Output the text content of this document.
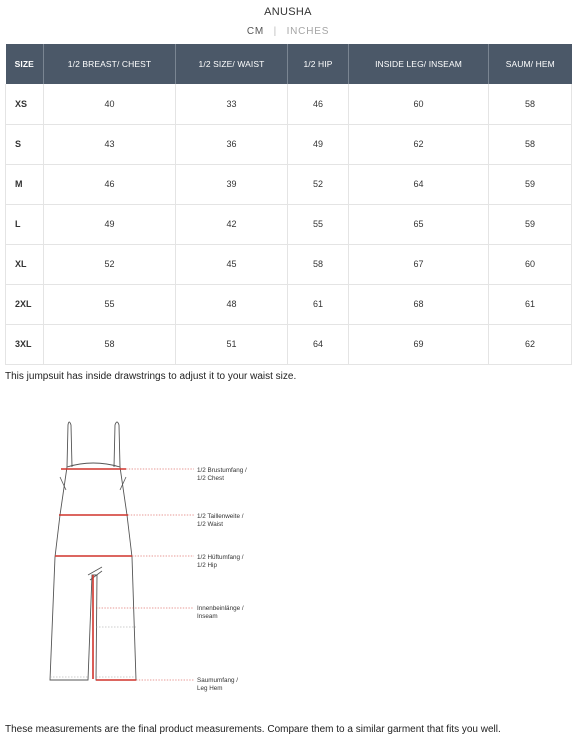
ANUSHA
CM | INCHES
SIZE	1/2 BREAST/ CHEST	1/2 SIZE/ WAIST	1/2 HIP	INSIDE LEG/ INSEAM	SAUM/ HEM
XS	40	33	46	60	58
S	43	36	49	62	58
M	46	39	52	64	59
L	49	42	55	65	59
XL	52	45	58	67	60
2XL	55	48	61	68	61
3XL	58	51	64	69	62
This jumpsuit has inside drawstrings to adjust it to your waist size.
1/2 Brustumfang /
1/2 Chest
1/2 Taillenweite /
1/2 Waist
1/2 Hüftumfang /
1/2 Hip
Innenbeinlänge /
Inseam
Saumumfang /
Leg Hem
These measurements are the final product measurements. Compare them to a similar garment that fits you well.
